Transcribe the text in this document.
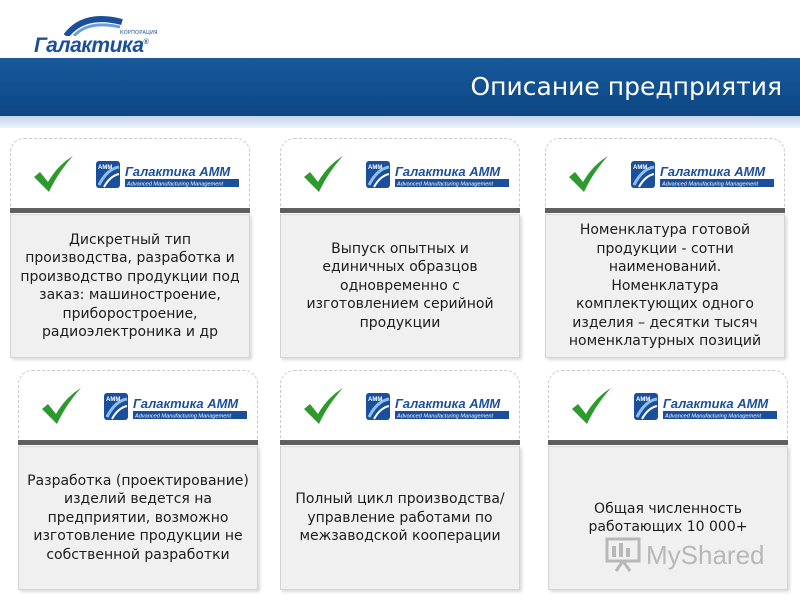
КОРПОРАЦИЯ
Галактика®
Описание предприятия
AMM Галактика AMM
Advanced Manufacturing Management
Дискретный тип производства, разработка и производство продукции под заказ: машиностроение, приборостроение, радиоэлектроника и др
AMM Галактика AMM
Advanced Manufacturing Management
Выпуск опытных и единичных образцов одновременно с изготовлением серийной продукции
AMM Галактика AMM
Advanced Manufacturing Management
Номенклатура готовой продукции - сотни наименований. Номенклатура комплектующих одного изделия – десятки тысяч номенклатурных позиций
AMM Галактика AMM
Advanced Manufacturing Management
Разработка (проектирование) изделий ведется на предприятии, возможно изготовление продукции не собственной разработки
AMM Галактика AMM
Advanced Manufacturing Management
Полный цикл производства/управление работами по межзаводской кооперации
AMM Галактика AMM
Advanced Manufacturing Management
Общая численность работающих 10 000+
MyShared
